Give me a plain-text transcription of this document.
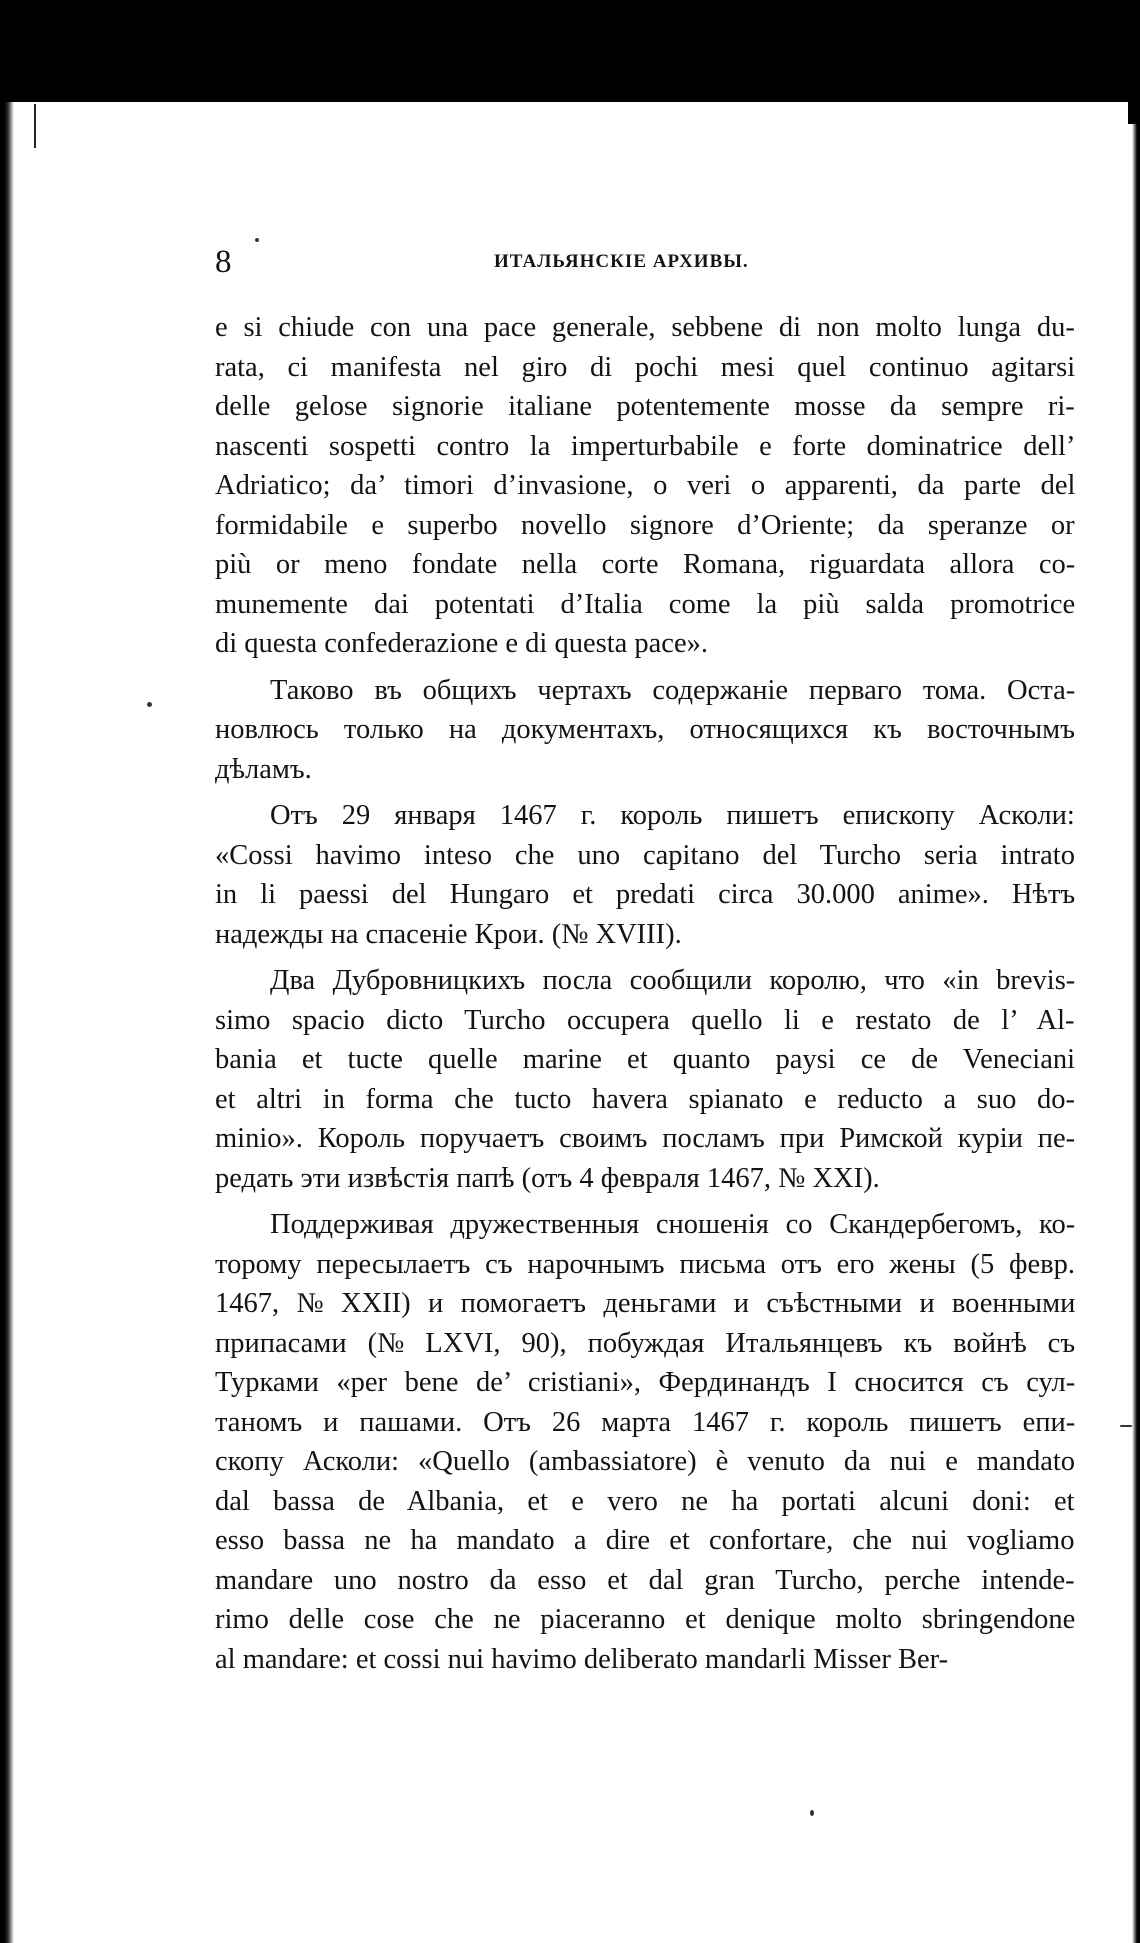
8	ИТАЛЬЯНСКІЕ АРХИВЫ.
e si chiude con una pace generale, sebbene di non molto lunga du-
rata, ci manifesta nel giro di pochi mesi quel continuo agitarsi
delle gelose signorie italiane potentemente mosse da sempre ri-
nascenti sospetti contro la imperturbabile e forte dominatrice dell’
Adriatico; da’ timori d’invasione, o veri o apparenti, da parte del
formidabile e superbo novello signore d’Oriente; da speranze or
più or meno fondate nella corte Romana, riguardata allora co-
munemente dai potentati d’Italia come la più salda promotrice
di questa confederazione e di questa pace».
Таково въ общихъ чертахъ содержаніе перваго тома. Оста-
новлюсь только на документахъ, относящихся къ восточнымъ
дѣламъ.
Отъ 29 января 1467 г. король пишетъ епископу Асколи:
«Cossi havimo inteso che uno capitano del Turcho seria intrato
in li paessi del Hungaro et predati circa 30.000 anime». Нѣтъ
надежды на спасеніе Крои. (№ XVIII).
Два Дубровницкихъ посла сообщили королю, что «in brevis-
simo spacio dicto Turcho occupera quello li e restato de l’ Al-
bania et tucte quelle marine et quanto paysi ce de Veneciani
et altri in forma che tucto havera spianato e reducto a suo do-
minio». Король поручаетъ своимъ посламъ при Римской куріи пе-
редать эти извѣстія папѣ (отъ 4 февраля 1467, № XXI).
Поддерживая дружественныя сношенія со Скандербегомъ, ко-
торому пересылаетъ съ нарочнымъ письма отъ его жены (5 февр.
1467, № XXII) и помогаетъ деньгами и съѣстными и военными
припасами (№ LXVI, 90), побуждая Итальянцевъ къ войнѣ съ
Турками «per bene de’ cristiani», Фердинандъ I сносится съ сул-
таномъ и пашами. Отъ 26 марта 1467 г. король пишетъ епи-
скопу Асколи: «Quello (ambassiatore) è venuto da nui e mandato
dal bassa de Albania, et e vero ne ha portati alcuni doni: et
esso bassa ne ha mandato a dire et confortare, che nui vogliamo
mandare uno nostro da esso et dal gran Turcho, perche intende-
rimo delle cose che ne piaceranno et denique molto sbringendone
al mandare: et cossi nui havimo deliberato mandarli Misser Ber-
